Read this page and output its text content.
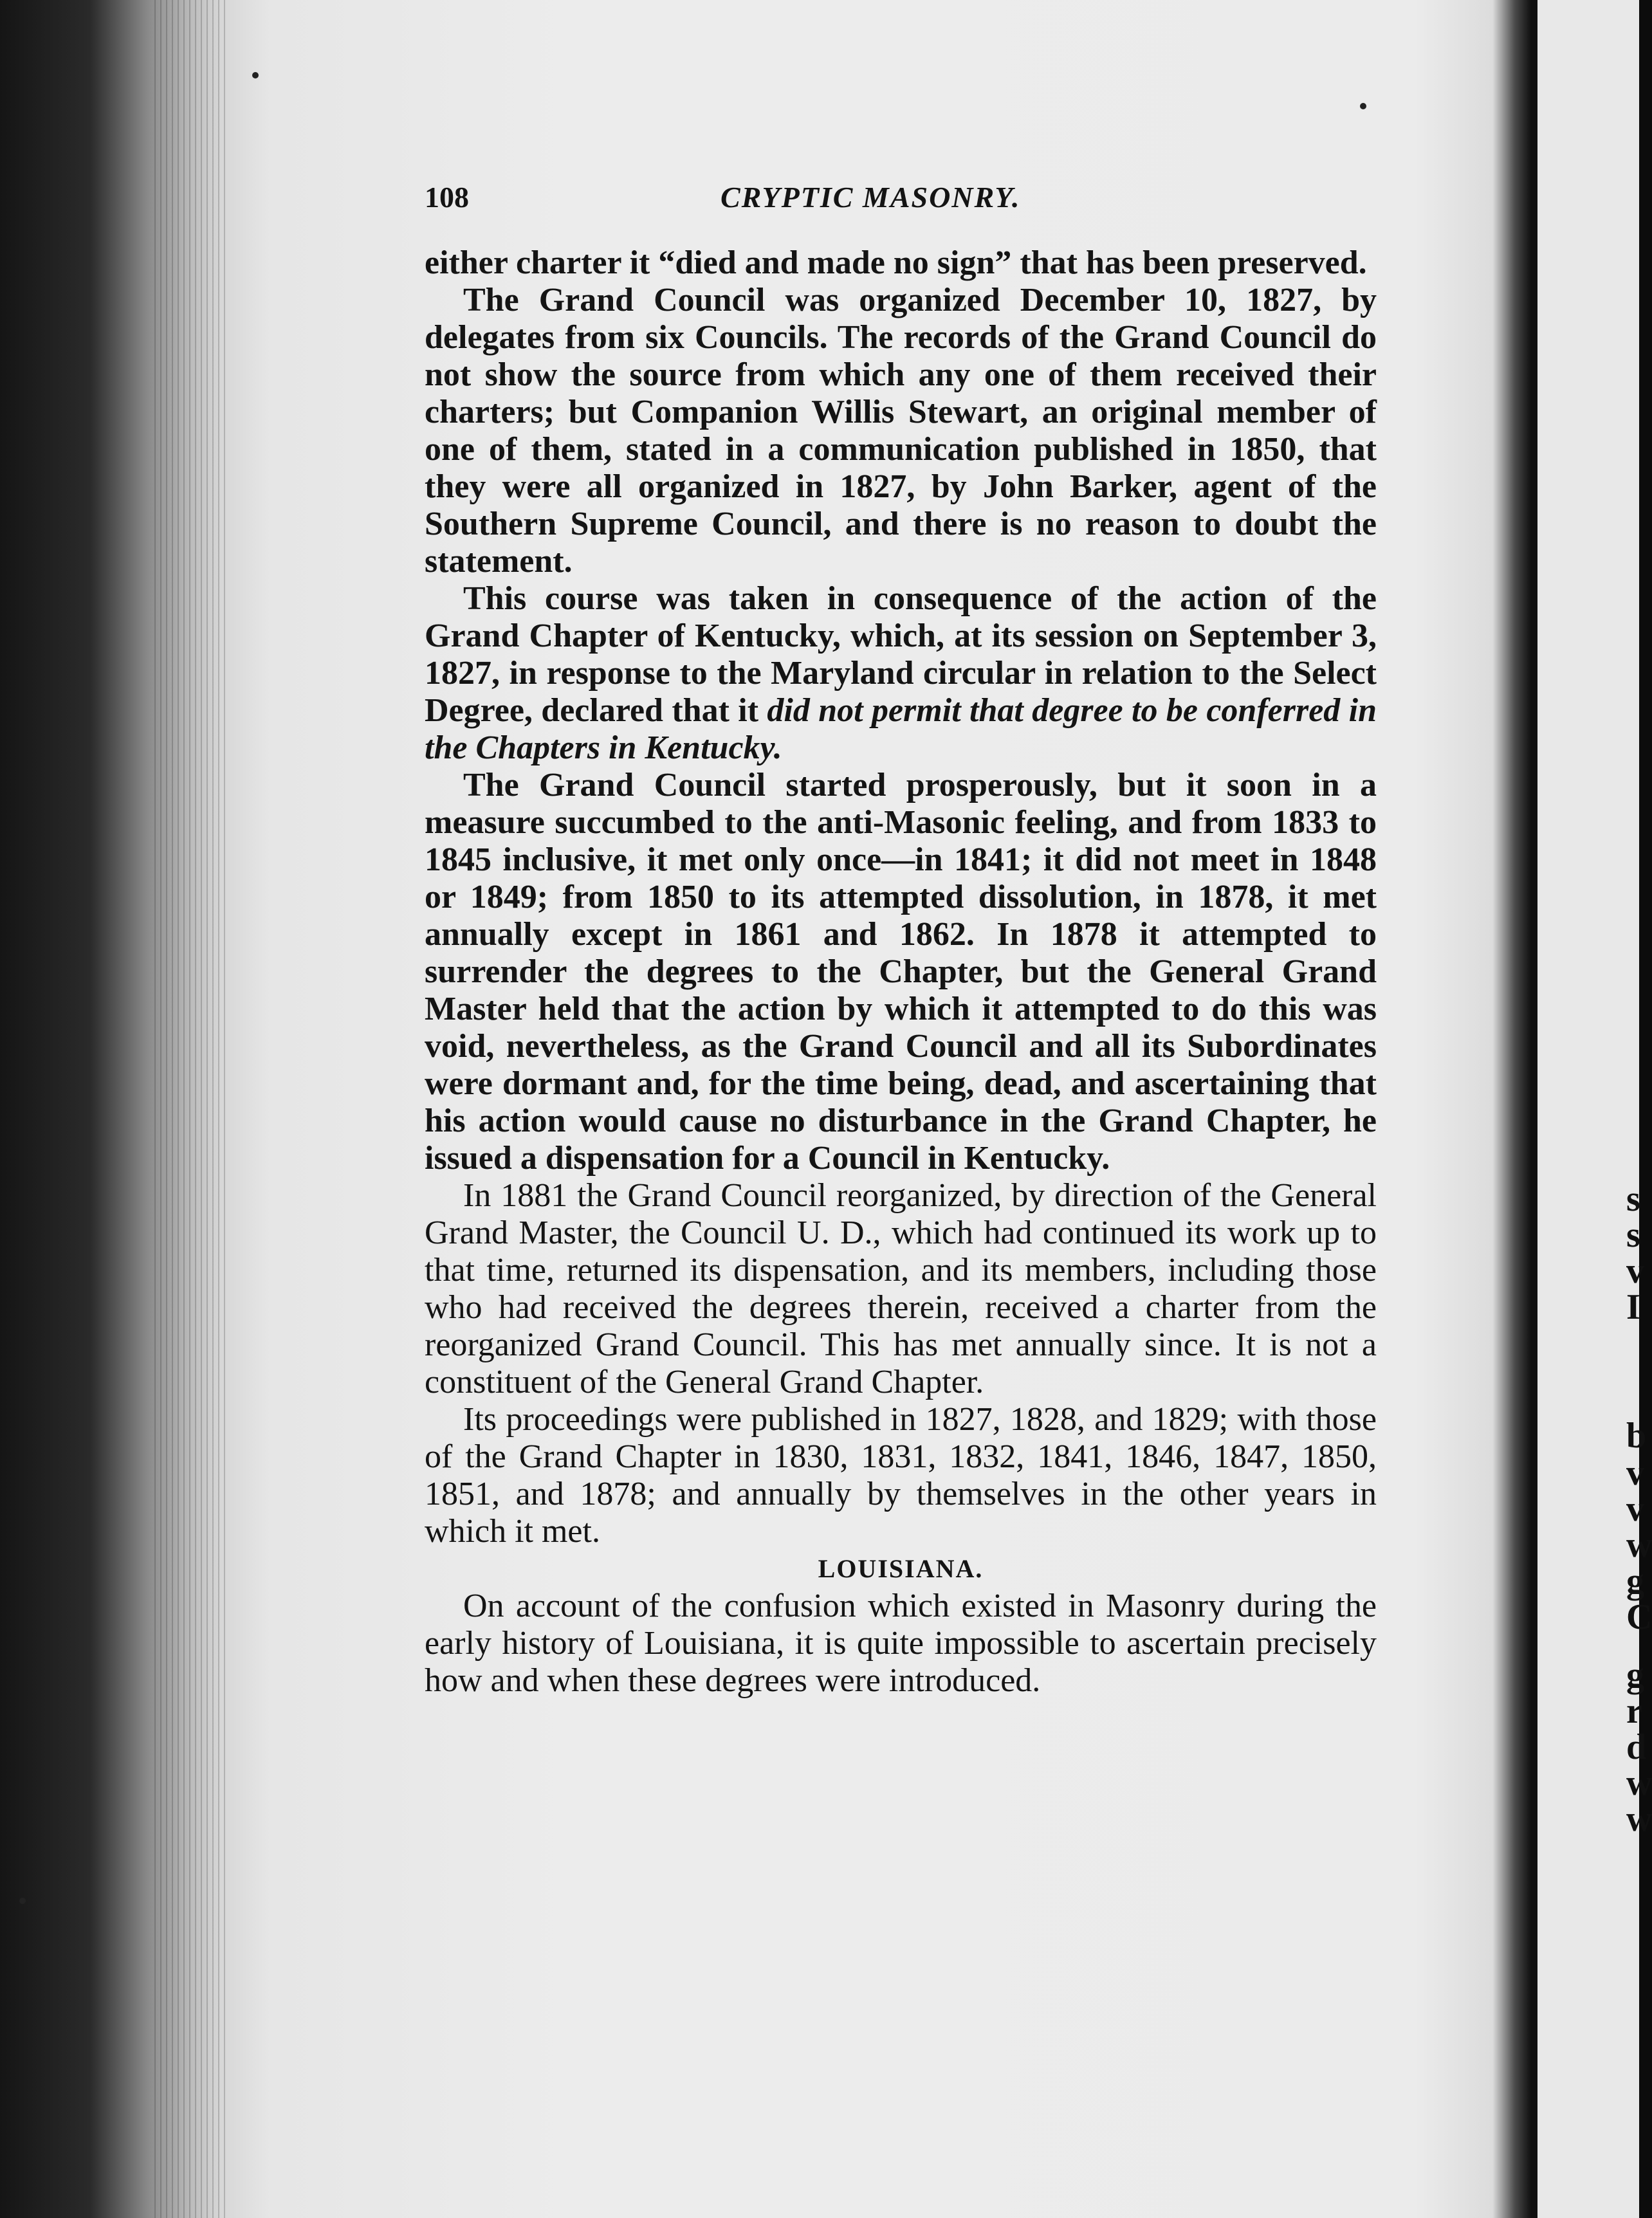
s
s
v
I
b
v
v
w
g
C
g
r
d
w
w
108	CRYPTIC MASONRY.

either charter it “died and made no sign” that has been preserved.

The Grand Council was organized December 10, 1827, by delegates from six Councils. The records of the Grand Council do not show the source from which any one of them received their charters; but Companion Willis Stewart, an original member of one of them, stated in a communication published in 1850, that they were all organized in 1827, by John Barker, agent of the Southern Supreme Council, and there is no reason to doubt the statement.

This course was taken in consequence of the action of the Grand Chapter of Kentucky, which, at its session on September 3, 1827, in response to the Maryland circular in relation to the Select Degree, declared that it did not permit that degree to be conferred in the Chapters in Kentucky.

The Grand Council started prosperously, but it soon in a measure succumbed to the anti-Masonic feeling, and from 1833 to 1845 inclusive, it met only once—in 1841; it did not meet in 1848 or 1849; from 1850 to its attempted dissolution, in 1878, it met annually except in 1861 and 1862. In 1878 it attempted to surrender the degrees to the Chapter, but the General Grand Master held that the action by which it attempted to do this was void, nevertheless, as the Grand Council and all its Subordinates were dormant and, for the time being, dead, and ascertaining that his action would cause no disturbance in the Grand Chapter, he issued a dispensation for a Council in Kentucky.

In 1881 the Grand Council reorganized, by direction of the General Grand Master, the Council U. D., which had continued its work up to that time, returned its dispensation, and its members, including those who had received the degrees therein, received a charter from the reorganized Grand Council. This has met annually since. It is not a constituent of the General Grand Chapter.

Its proceedings were published in 1827, 1828, and 1829; with those of the Grand Chapter in 1830, 1831, 1832, 1841, 1846, 1847, 1850, 1851, and 1878; and annually by themselves in the other years in which it met.

LOUISIANA.

On account of the confusion which existed in Masonry during the early history of Louisiana, it is quite impossible to ascertain precisely how and when these degrees were introduced.
